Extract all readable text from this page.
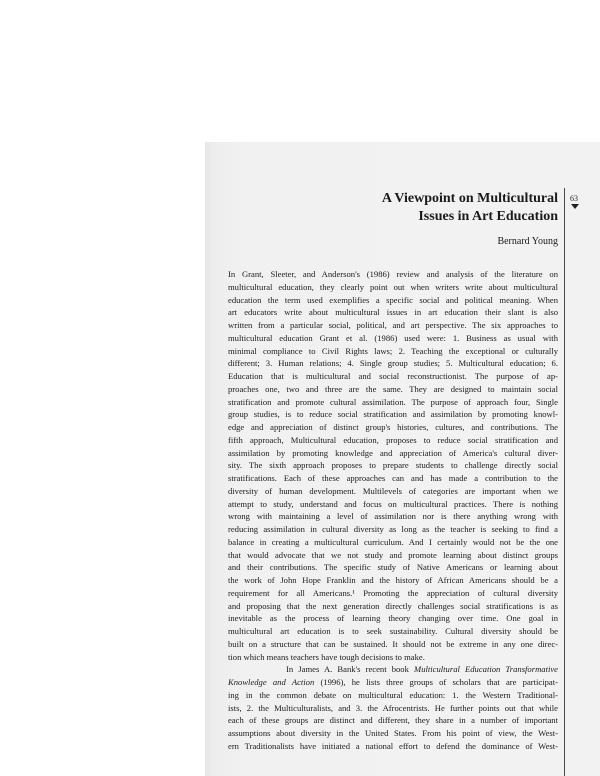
63
A Viewpoint on Multicultural
Issues in Art Education
Bernard Young
In Grant, Sleeter, and Anderson's (1986) review and analysis of the literature on
multicultural education, they clearly point out when writers write about multicultural
education the term used exemplifies a specific social and political meaning. When
art educators write about multicultural issues in art education their slant is also
written from a particular social, political, and art perspective. The six approaches to
multicultural education Grant et al. (1986) used were: 1. Business as usual with
minimal compliance to Civil Rights laws; 2. Teaching the exceptional or culturally
different; 3. Human relations; 4. Single group studies; 5. Multicultural education; 6.
Education that is multicultural and social reconstructionist. The purpose of ap-
proaches one, two and three are the same. They are designed to maintain social
stratification and promote cultural assimilation. The purpose of approach four, Single
group studies, is to reduce social stratification and assimilation by promoting knowl-
edge and appreciation of distinct group's histories, cultures, and contributions. The
fifth approach, Multicultural education, proposes to reduce social stratification and
assimilation by promoting knowledge and appreciation of America's cultural diver-
sity. The sixth approach proposes to prepare students to challenge directly social
stratifications. Each of these approaches can and has made a contribution to the
diversity of human development. Multilevels of categories are important when we
attempt to study, understand and focus on multicultural practices. There is nothing
wrong with maintaining a level of assimilation nor is there anything wrong with
reducing assimilation in cultural diversity as long as the teacher is seeking to find a
balance in creating a multicultural curriculum. And I certainly would not be the one
that would advocate that we not study and promote learning about distinct groups
and their contributions. The specific study of Native Americans or learning about
the work of John Hope Franklin and the history of African Americans should be a
requirement for all Americans.¹ Promoting the appreciation of cultural diversity
and proposing that the next generation directly challenges social stratifications is as
inevitable as the process of learning theory changing over time. One goal in
multicultural art education is to seek sustainability. Cultural diversity should be
built on a structure that can be sustained. It should not be extreme in any one direc-
tion which means teachers have tough decisions to make.
In James A. Bank's recent book Multicultural Education Transformative
Knowledge and Action (1996), he lists three groups of scholars that are participat-
ing in the common debate on multicultural education: 1. the Western Traditional-
ists, 2. the Multiculturalists, and 3. the Afrocentrists. He further points out that while
each of these groups are distinct and different, they share in a number of important
assumptions about diversity in the United States. From his point of view, the West-
ern Traditionalists have initiated a national effort to defend the dominance of West-
